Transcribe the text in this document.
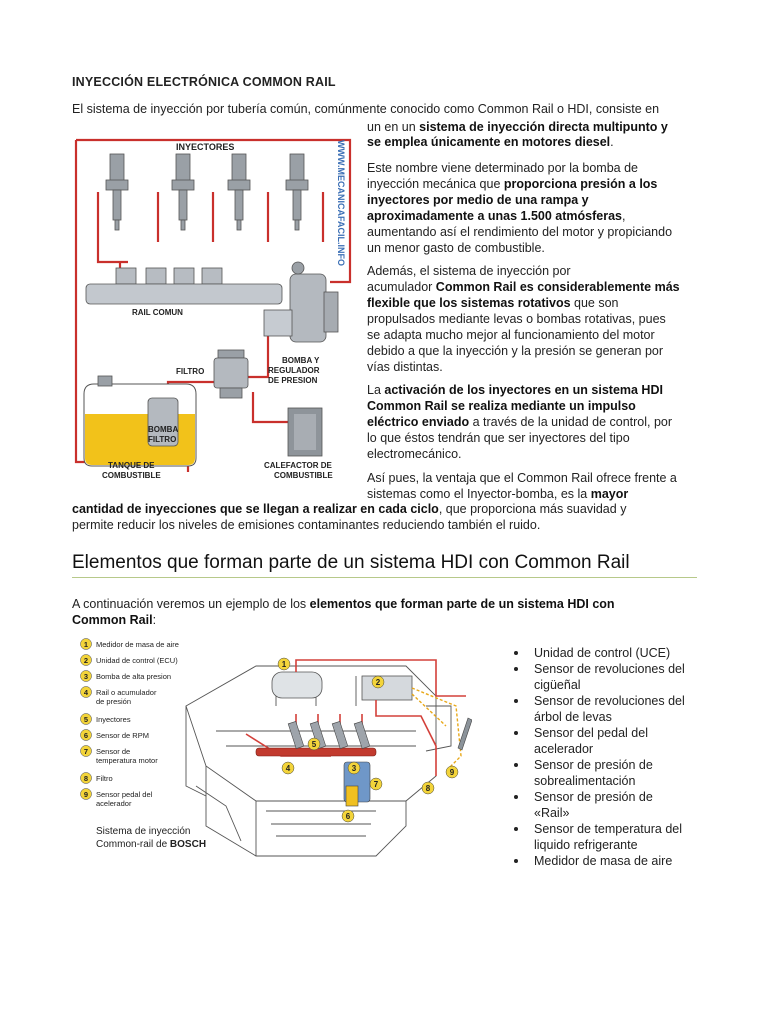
INYECCIÓN ELECTRÓNICA COMMON RAIL
El sistema de inyección por tubería común, comúnmente conocido como Common Rail o HDI, consiste en
un en un sistema de inyección directa multipunto y
se emplea únicamente en motores diesel.
Este nombre viene determinado por la bomba de
inyección mecánica que proporciona presión a los
inyectores por medio de una rampa y
aproximadamente a unas 1.500 atmósferas,
aumentando así el rendimiento del motor y propiciando
un menor gasto de combustible.
Además, el sistema de inyección por
acumulador Common Rail es considerablemente más
flexible que los sistemas rotativos que son
propulsados mediante levas o bombas rotativas, pues
se adapta mucho mejor al funcionamiento del motor
debido a que la inyección y la presión se generan por
vías distintas.
La activación de los inyectores en un sistema HDI
Common Rail se realiza mediante un impulso
eléctrico enviado a través de la unidad de control, por
lo que éstos tendrán que ser inyectores del tipo
electromecánico.
Así pues, la ventaja que el Common Rail ofrece frente a
sistemas como el Inyector-bomba, es la mayor
cantidad de inyecciones que se llegan a realizar en cada ciclo, que proporciona más suavidad y
permite reducir los niveles de emisiones contaminantes reduciendo también el ruido.
Elementos que forman parte de un sistema HDI con Common Rail
A continuación veremos un ejemplo de los elementos que forman parte de un sistema HDI con
Common Rail:
Unidad de control (UCE)
Sensor de revoluciones del
cigüeñal
Sensor de revoluciones del
árbol de levas
Sensor del pedal del
acelerador
Sensor de presión de
sobrealimentación
Sensor de presión de
«Rail»
Sensor de temperatura del
liquido refrigerante
Medidor de masa de aire
WWW.MECANICAFACIL.INFO
INYECTORES
RAIL COMUN
BOMBA Y
REGULADOR
DE PRESION
FILTRO
BOMBA
FILTRO
TANQUE DE
COMBUSTIBLE
CALEFACTOR DE
COMBUSTIBLE
1
2
3
4
5
6
7	8
9
1 Medidor de masa de aire
2 Unidad de control (ECU)
3 Bomba de alta presion
4 Rail o acumulador
de presión
5 Inyectores
6 Sensor de RPM
7 Sensor de
temperatura motor
8 Filtro
9 Sensor pedal del
acelerador
Sistema de inyección
Common-rail de BOSCH
